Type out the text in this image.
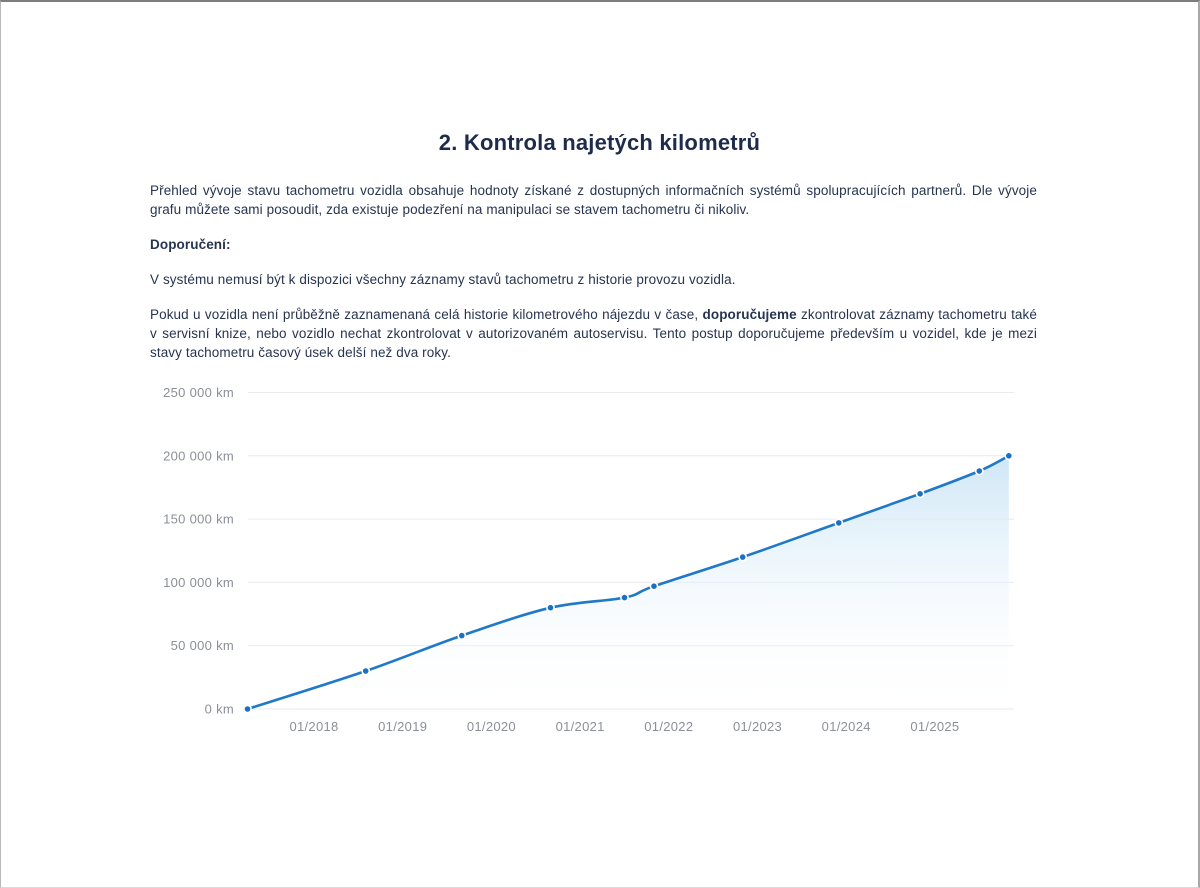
2. Kontrola najetých kilometrů

Přehled vývoje stavu tachometru vozidla obsahuje hodnoty získané z dostupných informačních systémů spolupracujících partnerů. Dle vývoje grafu můžete sami posoudit, zda existuje podezření na manipulaci se stavem tachometru či nikoliv.

Doporučení:

V systému nemusí být k dispozici všechny záznamy stavů tachometru z historie provozu vozidla.

Pokud u vozidla není průběžně zaznamenaná celá historie kilometrového nájezdu v čase, doporučujeme zkontrolovat záznamy tachometru také v servisní knize, nebo vozidlo nechat zkontrolovat v autorizovaném autoservisu. Tento postup doporučujeme především u vozidel, kde je mezi stavy tachometru časový úsek delší než dva roky.

0 km
50 000 km
100 000 km
150 000 km
200 000 km
250 000 km
01/2018	01/2019	01/2020	01/2021	01/2022	01/2023	01/2024	01/2025
